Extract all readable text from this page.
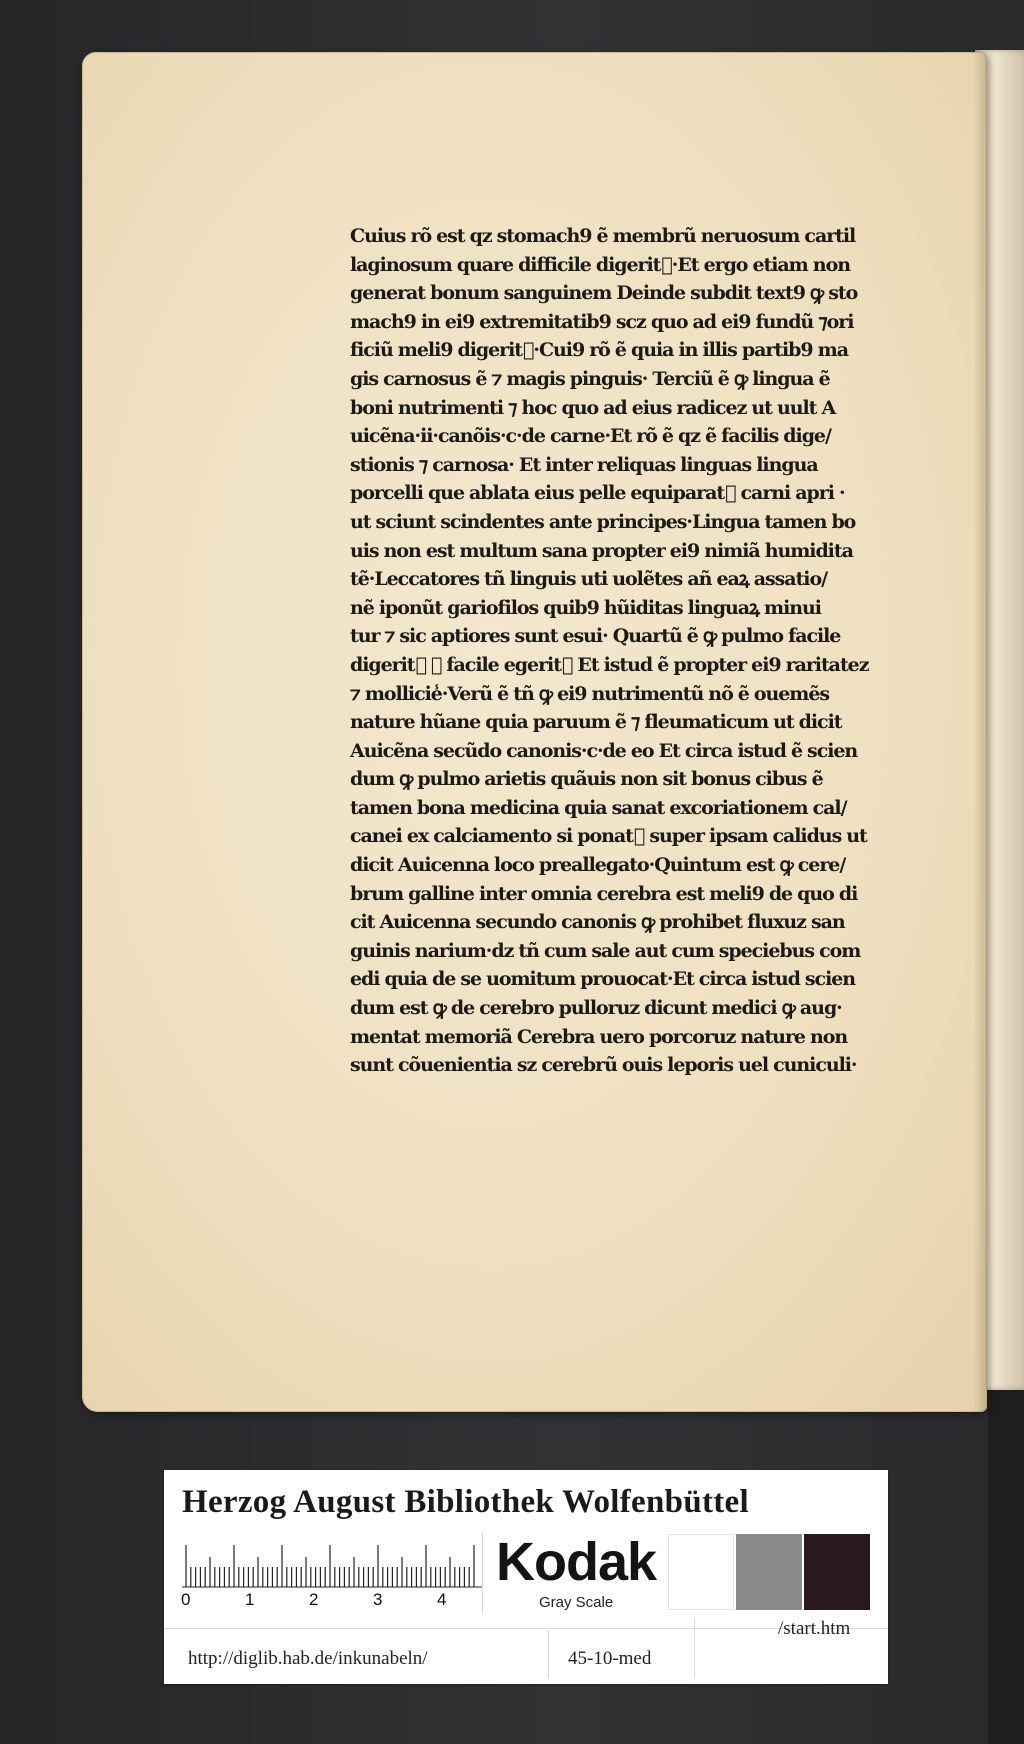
Cuius rõ est qz stomach9 ẽ membrũ neruosum cartil
laginosum quare difficile digerit᷑·Et ergo etiam non
generat bonum sanguinem Deinde subdit text9 ꝙ sto
mach9 in ei9 extremitatib9 scz quo ad ei9 fundũ ⁊ori
ficiũ meli9 digerit᷑·Cui9 rõ ẽ quia in illis partib9 ma
gis carnosus ẽ ⁊ magis pinguis· Terciũ ẽ ꝙ lingua ẽ
boni nutrimenti ⁊ hoc quo ad eius radicez ut uult A
uicẽna·ii·canõis·c·de carne·Et rõ ẽ qz ẽ facilis dige/
stionis ⁊ carnosa· Et inter reliquas linguas lingua
porcelli que ablata eius pelle equiparat᷑ carni apri ·
ut sciunt scindentes ante principes·Lingua tamen bo
uis non est multum sana propter ei9 nimiã humidita
tẽ·Leccatores tñ linguis uti uolẽtes añ eaꝝ assatio/
nẽ iponũt gariofilos quib9 hũiditas linguaꝝ minui
tur ⁊ sic aptiores sunt esui· Quartũ ẽ ꝙ pulmo facile
digerit᷑ ⁊ facile egerit᷑ Et istud ẽ propter ei9 raritatez
⁊ mollicie̾·Verũ ẽ tñ ꝙ ei9 nutrimentũ nõ ẽ ouemẽs
nature hũane quia paruum ẽ ⁊ fleumaticum ut dicit
Auicẽna secũdo canonis·c·de eo Et circa istud ẽ scien
dum ꝙ pulmo arietis quãuis non sit bonus cibus ẽ
tamen bona medicina quia sanat excoriationem cal/
canei ex calciamento si ponat᷑ super ipsam calidus ut
dicit Auicenna loco preallegato·Quintum est ꝙ cere/
brum galline inter omnia cerebra est meli9 de quo di
cit Auicenna secundo canonis ꝙ prohibet fluxuz san
guinis narium·dz tñ cum sale aut cum speciebus com
edi quia de se uomitum prouocat·Et circa istud scien
dum est ꝙ de cerebro pulloruz dicunt medici ꝙ aug·
mentat memoriã Cerebra uero porcoruz nature non
sunt cõuenientia sz cerebrũ ouis leporis uel cuniculi·
Herzog August Bibliothek Wolfenbüttel
0	1	2	3	4
Kodak
Gray Scale
http://diglib.hab.de/inkunabeln/	45-10-med
/start.htm
